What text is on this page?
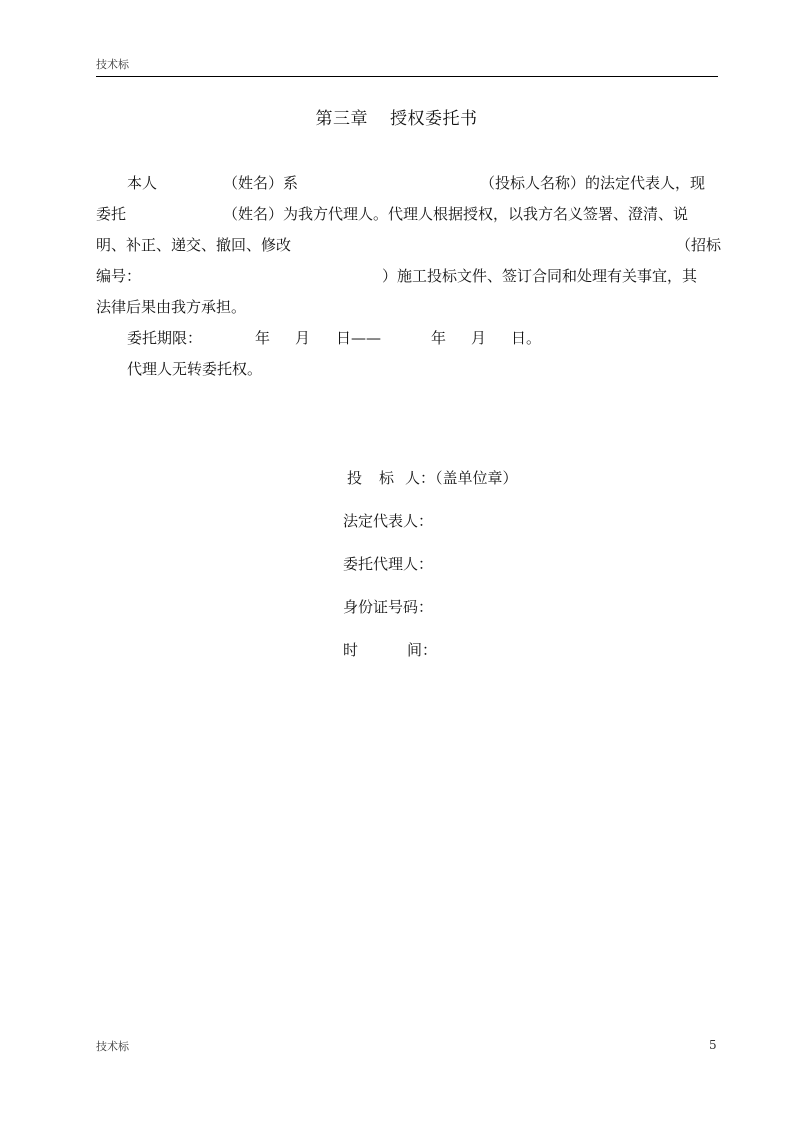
技术标
第三章 授权委托书
本人	（姓名）系	（投标人名称）的法定代表人，现
委托	（姓名）为我方代理人。代理人根据授权，以我方名义签署、澄清、说
明、补正、递交、撤回、修改	（招标
编号：	）施工投标文件、签订合同和处理有关事宜，其
法律后果由我方承担。
委托期限：	年 月 日——	年 月 日。
代理人无转委托权。
投 标 人：（盖单位章）
法定代表人：
委托代理人：
身份证号码：
时	间：
技术标	5
